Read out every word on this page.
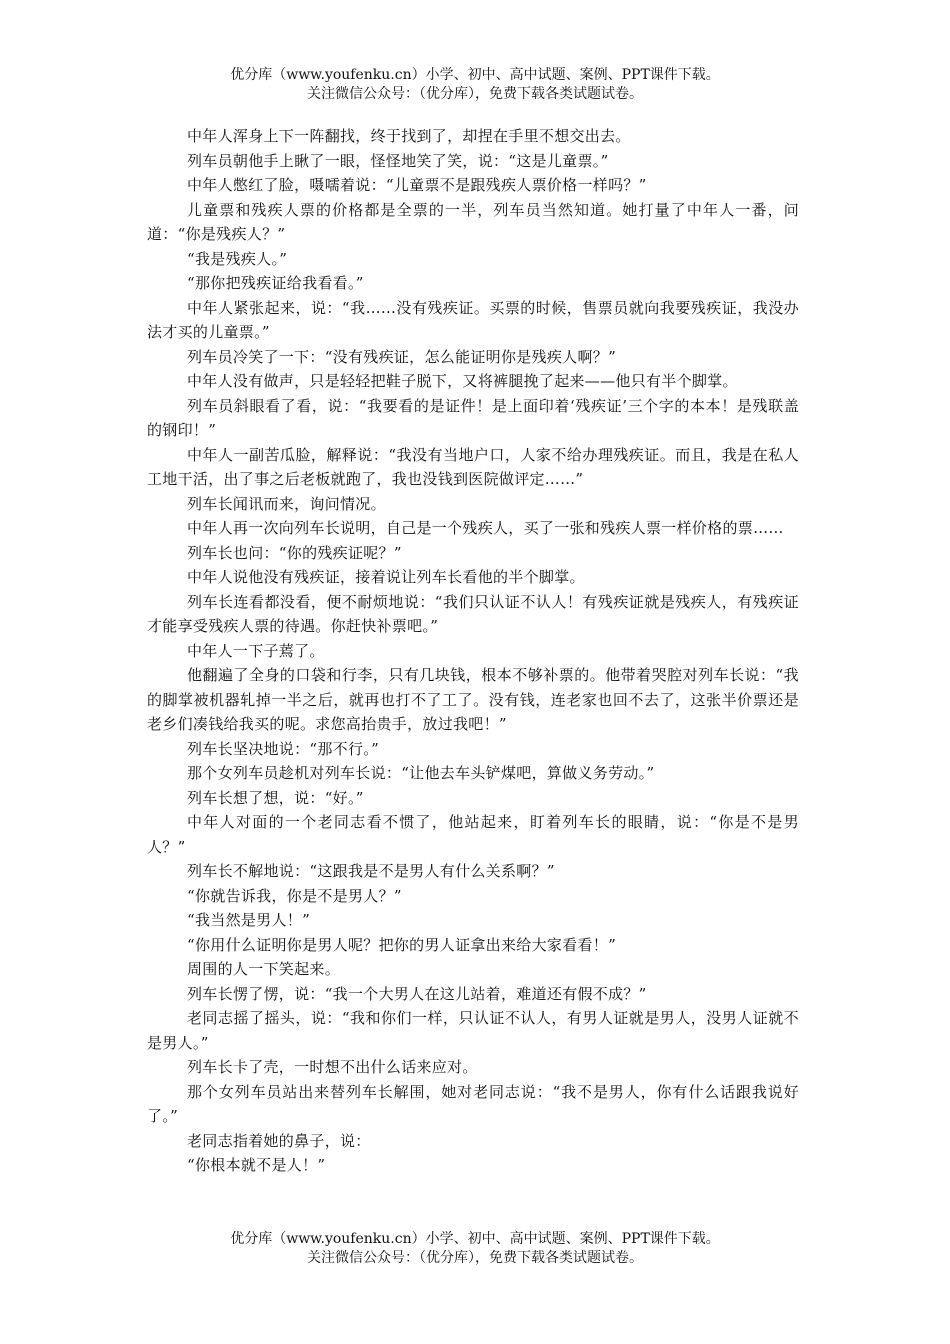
优分库（www.youfenku.cn）小学、初中、高中试题、案例、PPT课件下载。
关注微信公众号：（优分库），免费下载各类试题试卷。

中年人浑身上下一阵翻找，终于找到了，却捏在手里不想交出去。

列车员朝他手上瞅了一眼，怪怪地笑了笑，说：“这是儿童票。”

中年人憋红了脸，嗫嚅着说：“儿童票不是跟残疾人票价格一样吗？”

儿童票和残疾人票的价格都是全票的一半，列车员当然知道。她打量了中年人一番，问道：“你是残疾人？”

“我是残疾人。”

“那你把残疾证给我看看。”

中年人紧张起来，说：“我……没有残疾证。买票的时候，售票员就向我要残疾证，我没办法才买的儿童票。”

列车员冷笑了一下：“没有残疾证，怎么能证明你是残疾人啊？”

中年人没有做声，只是轻轻把鞋子脱下，又将裤腿挽了起来——他只有半个脚掌。

列车员斜眼看了看，说：“我要看的是证件！是上面印着‘残疾证’三个字的本本！是残联盖的钢印！”

中年人一副苦瓜脸，解释说：“我没有当地户口，人家不给办理残疾证。而且，我是在私人工地干活，出了事之后老板就跑了，我也没钱到医院做评定……”

列车长闻讯而来，询问情况。

中年人再一次向列车长说明，自己是一个残疾人，买了一张和残疾人票一样价格的票……

列车长也问：“你的残疾证呢？”

中年人说他没有残疾证，接着说让列车长看他的半个脚掌。

列车长连看都没看，便不耐烦地说：“我们只认证不认人！有残疾证就是残疾人，有残疾证才能享受残疾人票的待遇。你赶快补票吧。”

中年人一下子蔫了。

他翻遍了全身的口袋和行李，只有几块钱，根本不够补票的。他带着哭腔对列车长说：“我的脚掌被机器轧掉一半之后，就再也打不了工了。没有钱，连老家也回不去了，这张半价票还是老乡们凑钱给我买的呢。求您高抬贵手，放过我吧！”

列车长坚决地说：“那不行。”

那个女列车员趁机对列车长说：“让他去车头铲煤吧，算做义务劳动。”

列车长想了想，说：“好。”

中年人对面的一个老同志看不惯了，他站起来，盯着列车长的眼睛，说：“你是不是男人？”

列车长不解地说：“这跟我是不是男人有什么关系啊？”

“你就告诉我，你是不是男人？”

“我当然是男人！”

“你用什么证明你是男人呢？把你的男人证拿出来给大家看看！”

周围的人一下笑起来。

列车长愣了愣，说：“我一个大男人在这儿站着，难道还有假不成？”

老同志摇了摇头，说：“我和你们一样，只认证不认人，有男人证就是男人，没男人证就不是男人。”

列车长卡了壳，一时想不出什么话来应对。

那个女列车员站出来替列车长解围，她对老同志说：“我不是男人，你有什么话跟我说好了。”

老同志指着她的鼻子，说：

“你根本就不是人！”

优分库（www.youfenku.cn）小学、初中、高中试题、案例、PPT课件下载。
关注微信公众号：（优分库），免费下载各类试题试卷。
